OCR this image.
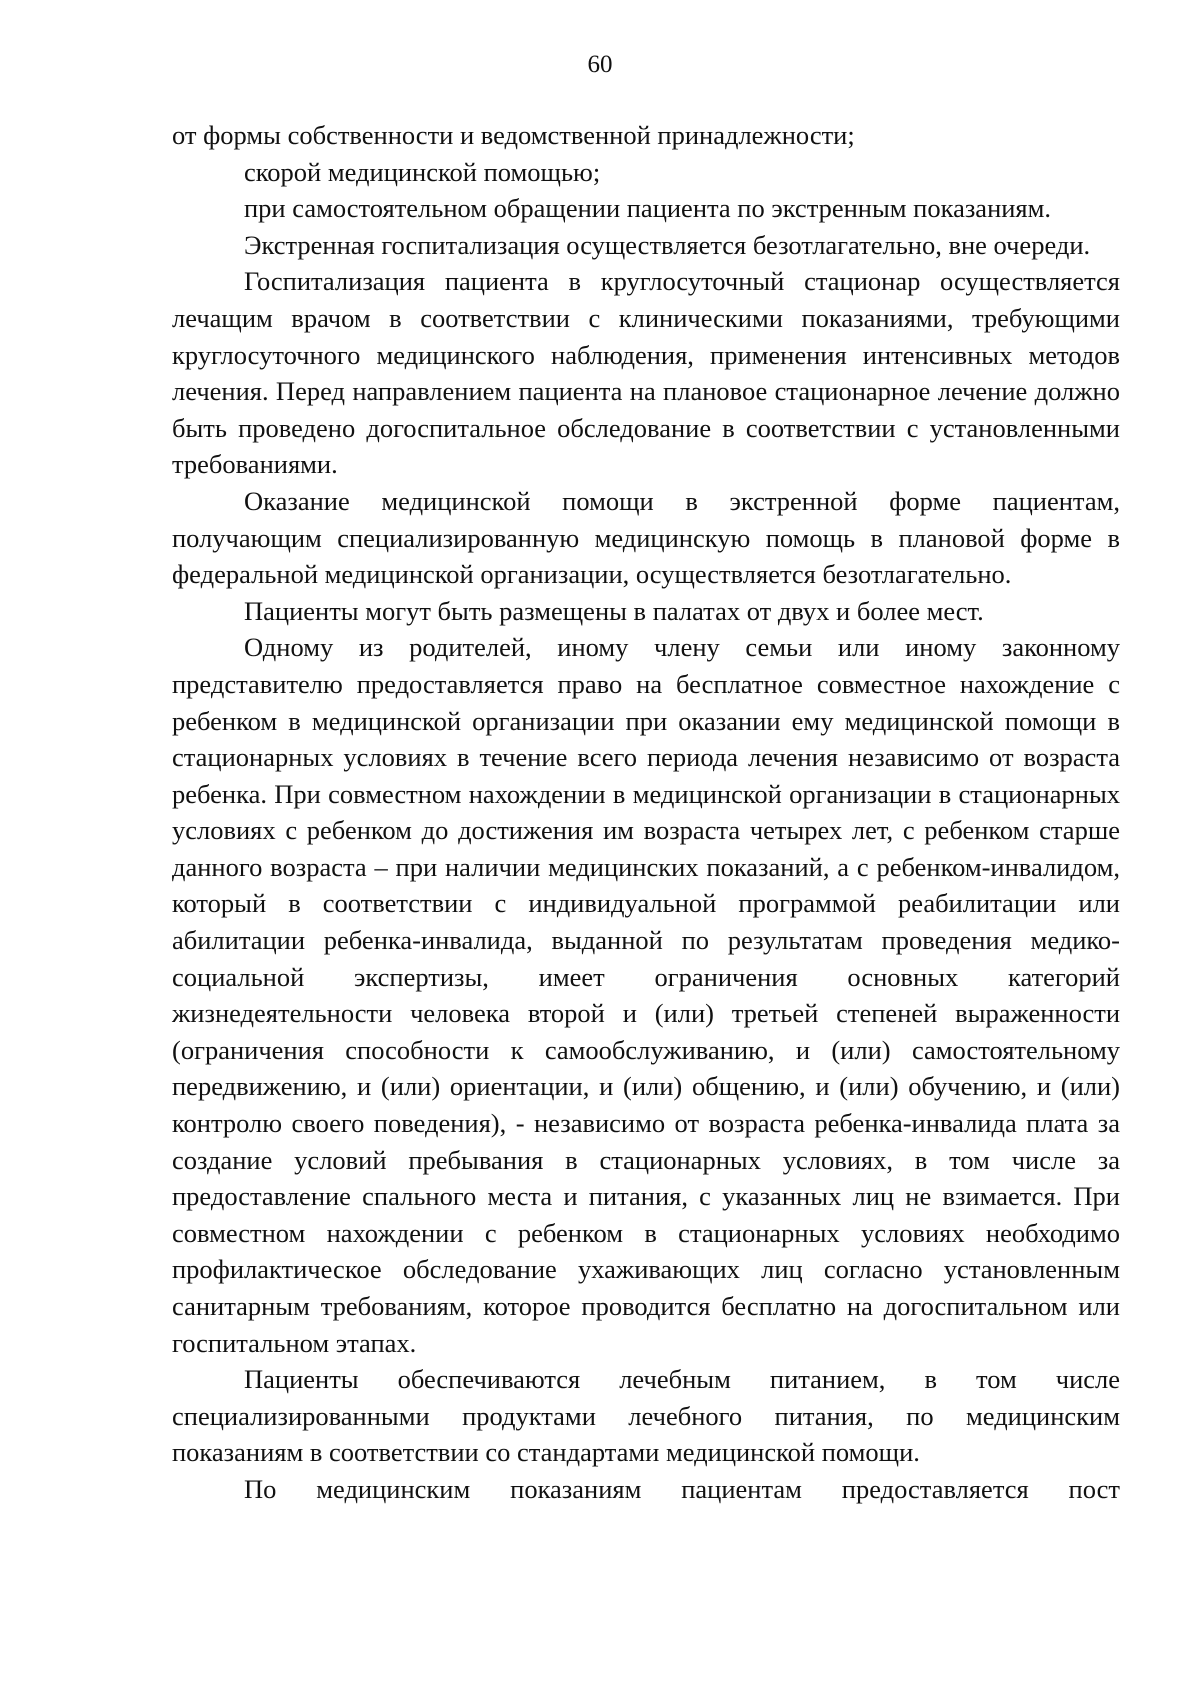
60

от формы собственности и ведомственной принадлежности;

скорой медицинской помощью;

при самостоятельном обращении пациента по экстренным показаниям.

Экстренная госпитализация осуществляется безотлагательно, вне очереди.

Госпитализация пациента в круглосуточный стационар осуществляется лечащим врачом в соответствии с клиническими показаниями, требующими круглосуточного медицинского наблюдения, применения интенсивных методов лечения. Перед направлением пациента на плановое стационарное лечение должно быть проведено догоспитальное обследование в соответствии с установленными требованиями.

Оказание медицинской помощи в экстренной форме пациентам, получающим специализированную медицинскую помощь в плановой форме в федеральной медицинской организации, осуществляется безотлагательно.

Пациенты могут быть размещены в палатах от двух и более мест.

Одному из родителей, иному члену семьи или иному законному представителю предоставляется право на бесплатное совместное нахождение с ребенком в медицинской организации при оказании ему медицинской помощи в стационарных условиях в течение всего периода лечения независимо от возраста ребенка. При совместном нахождении в медицинской организации в стационарных условиях с ребенком до достижения им возраста четырех лет, с ребенком старше данного возраста – при наличии медицинских показаний, а с ребенком-инвалидом, который в соответствии с индивидуальной программой реабилитации или абилитации ребенка-инвалида, выданной по результатам проведения медико-социальной экспертизы, имеет ограничения основных категорий жизнедеятельности человека второй и (или) третьей степеней выраженности (ограничения способности к самообслуживанию, и (или) самостоятельному передвижению, и (или) ориентации, и (или) общению, и (или) обучению, и (или) контролю своего поведения), - независимо от возраста ребенка-инвалида плата за создание условий пребывания в стационарных условиях, в том числе за предоставление спального места и питания, с указанных лиц не взимается. При совместном нахождении с ребенком в стационарных условиях необходимо профилактическое обследование ухаживающих лиц согласно установленным санитарным требованиям, которое проводится бесплатно на догоспитальном или госпитальном этапах.

Пациенты обеспечиваются лечебным питанием, в том числе специализированными продуктами лечебного питания, по медицинским показаниям в соответствии со стандартами медицинской помощи.

По медицинским показаниям пациентам предоставляется пост
